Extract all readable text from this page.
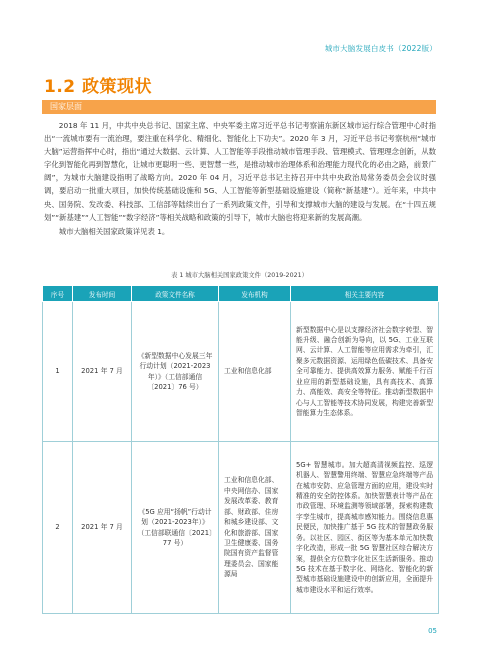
城市大脑发展白皮书（2022版）
1.2 政策现状
国家层面

2018 年 11 月，中共中央总书记、国家主席、中央军委主席习近平总书记考察浦东新区城市运行综合管理中心时指出“一流城市要有一流治理，要注重在科学化、精细化、智能化上下功夫”。2020 年 3 月，习近平总书记考察杭州“城市大脑”运营指挥中心时，指出“通过大数据、云计算、人工智能等手段推动城市管理手段、管理模式、管理理念创新，从数字化到智能化再到智慧化，让城市更聪明一些、更智慧一些，是推动城市治理体系和治理能力现代化的必由之路，前景广阔”，为城市大脑建设指明了战略方向。2020 年 04 月，习近平总书记主持召开中共中央政治局常务委员会会议时强调，要启动一批重大项目，加快传统基础设施和 5G、人工智能等新型基础设施建设（简称“新基建”）。近年来，中共中央、国务院、发改委、科技部、工信部等陆续出台了一系列政策文件，引导和支撑城市大脑的建设与发展。在“十四五规划”“新基建”“人工智能”“数字经济”等相关战略和政策的引导下，城市大脑也将迎来新的发展高潮。

城市大脑相关国家政策详见表 1。

表 1 城市大脑相关国家政策文件（2019-2021）
序号	发布时间	政策文件名称	发布机构	相关主要内容
1	2021 年 7 月	《新型数据中心发展三年行动计划（2021-2023年）》（工信部通信〔2021〕76 号）	工业和信息化部	新型数据中心是以支撑经济社会数字转型、智能升级、融合创新为导向，以 5G、工业互联网、云计算、人工智能等应用需求为牵引，汇聚多元数据资源、运用绿色低碳技术、具备安全可靠能力、提供高效算力服务、赋能千行百业应用的新型基础设施，具有高技术、高算力、高能效、高安全等特征。推动新型数据中心与人工智能等技术协同发展，构建完善新型智能算力生态体系。
2	2021 年 7 月	《5G 应用“扬帆”行动计划（2021-2023年）》（工信部联通信〔2021〕77 号）	工业和信息化部、中央网信办、国家发展改革委、教育部、财政部、住房和城乡建设部、文化和旅游部、国家卫生健康委、国务院国有资产监督管理委员会、国家能源局	5G+ 智慧城市。加大超高清视频监控、巡逻机器人、智慧警用终端、智慧应急终端等产品在城市安防、应急管理方面的应用，建设实时精准的安全防控体系。加快智慧表计等产品在市政管理、环境监测等领域部署，探索构建数字孪生城市，提高城市感知能力。围绕信息惠民便民，加快推广基于 5G 技术的智慧政务服务。以社区、园区、街区等为基本单元加快数字化改造，形成一批 5G 智慧社区综合解决方案，提供全方位数字化社区生活新服务。推动 5G 技术在基于数字化、网络化、智能化的新型城市基础设施建设中的创新应用，全面提升城市建设水平和运行效率。
05
